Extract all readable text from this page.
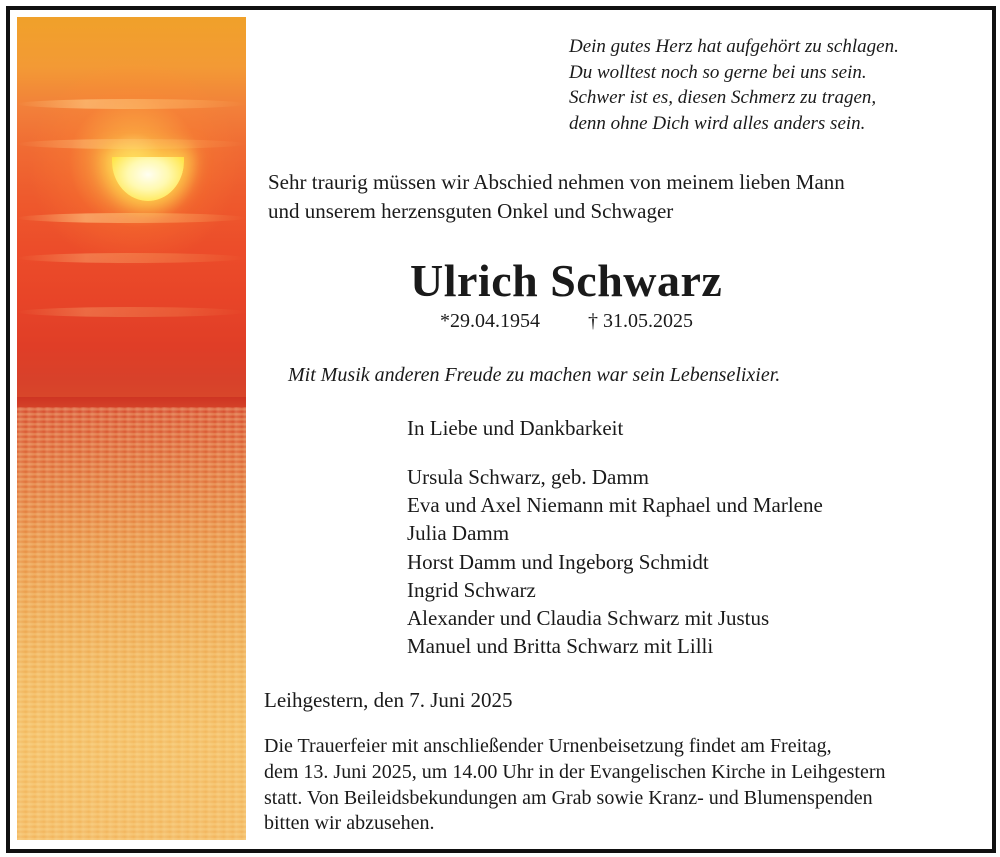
Dein gutes Herz hat aufgehört zu schlagen.
Du wolltest noch so gerne bei uns sein.
Schwer ist es, diesen Schmerz zu tragen,
denn ohne Dich wird alles anders sein.
Sehr traurig müssen wir Abschied nehmen von meinem lieben Mann
und unserem herzensguten Onkel und Schwager
Ulrich Schwarz
*29.04.1954 † 31.05.2025
Mit Musik anderen Freude zu machen war sein Lebenselixier.
In Liebe und Dankbarkeit
Ursula Schwarz, geb. Damm
Eva und Axel Niemann mit Raphael und Marlene
Julia Damm
Horst Damm und Ingeborg Schmidt
Ingrid Schwarz
Alexander und Claudia Schwarz mit Justus
Manuel und Britta Schwarz mit Lilli
Leihgestern, den 7. Juni 2025
Die Trauerfeier mit anschließender Urnenbeisetzung findet am Freitag,
dem 13. Juni 2025, um 14.00 Uhr in der Evangelischen Kirche in Leihgestern
statt. Von Beileidsbekundungen am Grab sowie Kranz- und Blumenspenden
bitten wir abzusehen.
